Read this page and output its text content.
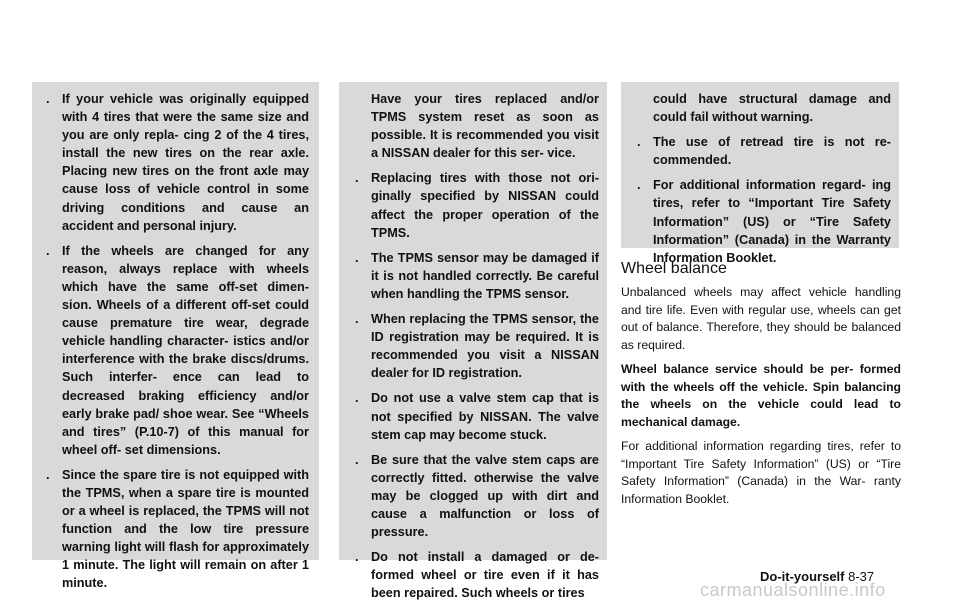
. If your vehicle was originally equipped with 4 tires that were the same size and you are only repla- cing 2 of the 4 tires, install the new tires on the rear axle. Placing new tires on the front axle may cause loss of vehicle control in some driving conditions and cause an accident and personal injury.
. If the wheels are changed for any reason, always replace with wheels which have the same off-set dimen- sion. Wheels of a different off-set could cause premature tire wear, degrade vehicle handling character- istics and/or interference with the brake discs/drums. Such interfer- ence can lead to decreased braking efficiency and/or early brake pad/ shoe wear. See “Wheels and tires” (P.10-7) of this manual for wheel off- set dimensions.
. Since the spare tire is not equipped with the TPMS, when a spare tire is mounted or a wheel is replaced, the TPMS will not function and the low tire pressure warning light will flash for approximately 1 minute. The light will remain on after 1 minute.
Have your tires replaced and/or TPMS system reset as soon as possible. It is recommended you visit a NISSAN dealer for this ser- vice.
. Replacing tires with those not ori- ginally specified by NISSAN could affect the proper operation of the TPMS.
. The TPMS sensor may be damaged if it is not handled correctly. Be careful when handling the TPMS sensor.
. When replacing the TPMS sensor, the ID registration may be required. It is recommended you visit a NISSAN dealer for ID registration.
. Do not use a valve stem cap that is not specified by NISSAN. The valve stem cap may become stuck.
. Be sure that the valve stem caps are correctly fitted. otherwise the valve may be clogged up with dirt and cause a malfunction or loss of pressure.
. Do not install a damaged or de- formed wheel or tire even if it has been repaired. Such wheels or tires
could have structural damage and could fail without warning.
. The use of retread tire is not re- commended.
. For additional information regard- ing tires, refer to “Important Tire Safety Information” (US) or “Tire Safety Information” (Canada) in the Warranty Information Booklet.
Wheel balance

Unbalanced wheels may affect vehicle handling and tire life. Even with regular use, wheels can get out of balance. Therefore, they should be balanced as required.

Wheel balance service should be per- formed with the wheels off the vehicle. Spin balancing the wheels on the vehicle could lead to mechanical damage.

For additional information regarding tires, refer to “Important Tire Safety Information” (US) or “Tire Safety Information” (Canada) in the War- ranty Information Booklet.

Do-it-yourself 8-37
carmanualsonline.info
